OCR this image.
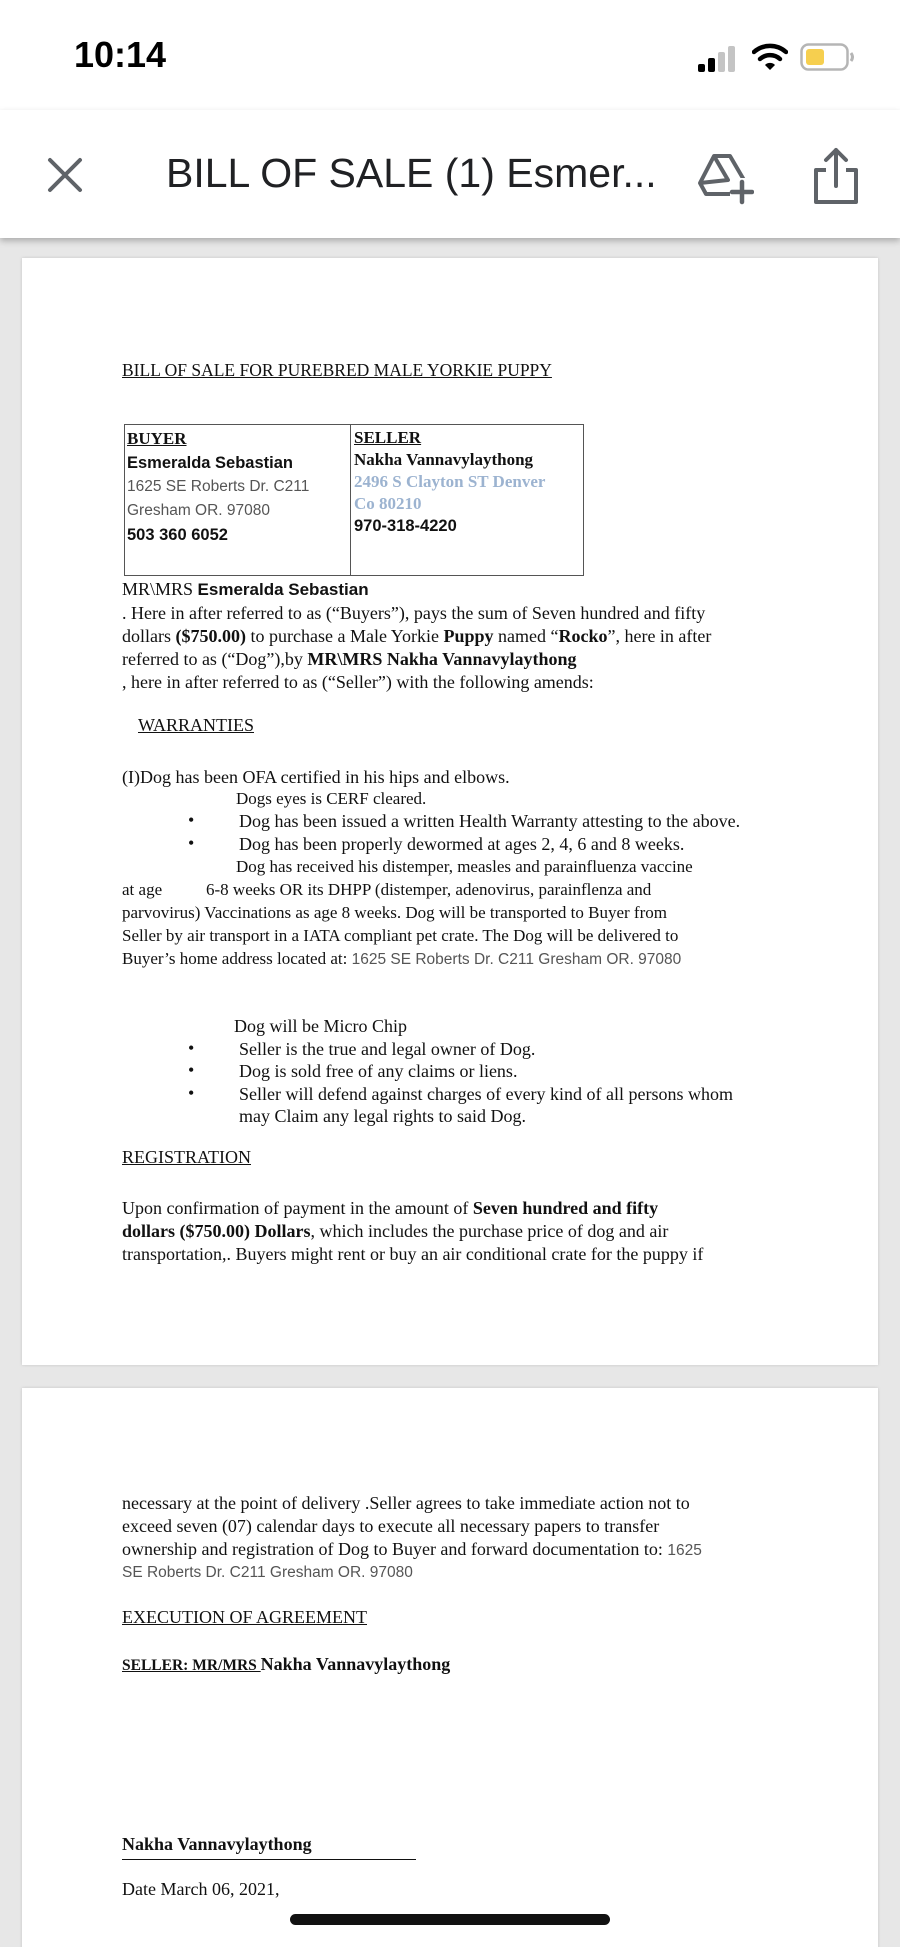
10:14
BILL OF SALE (1) Esmer...
BILL OF SALE FOR PUREBRED MALE YORKIE PUPPY
BUYER
Esmeralda Sebastian
1625 SE Roberts Dr. C211
Gresham OR. 97080
503 360 6052
SELLER
Nakha Vannavylaythong
2496 S Clayton ST Denver
Co 80210
970-318-4220
MR\MRS Esmeralda Sebastian
. Here in after referred to as (“Buyers”), pays the sum of Seven hundred and fifty
dollars ($750.00) to purchase a Male Yorkie Puppy named “Rocko”, here in after
referred to as (“Dog”),by MR\MRS Nakha Vannavylaythong
, here in after referred to as (“Seller”) with the following amends:
WARRANTIES
(I)Dog has been OFA certified in his hips and elbows.
Dogs eyes is CERF cleared.
• Dog has been issued a written Health Warranty attesting to the above.
• Dog has been properly dewormed at ages 2, 4, 6 and 8 weeks.
Dog has received his distemper, measles and parainfluenza vaccine
at age	6-8 weeks OR its DHPP (distemper, adenovirus, parainflenza and
parvovirus) Vaccinations as age 8 weeks. Dog will be transported to Buyer from
Seller by air transport in a IATA compliant pet crate. The Dog will be delivered to
Buyer’s home address located at: 1625 SE Roberts Dr. C211 Gresham OR. 97080
Dog will be Micro Chip
• Seller is the true and legal owner of Dog.
• Dog is sold free of any claims or liens.
• Seller will defend against charges of every kind of all persons whom
may Claim any legal rights to said Dog.
REGISTRATION
Upon confirmation of payment in the amount of Seven hundred and fifty
dollars ($750.00) Dollars, which includes the purchase price of dog and air
transportation,. Buyers might rent or buy an air conditional crate for the puppy if
necessary at the point of delivery .Seller agrees to take immediate action not to
exceed seven (07) calendar days to execute all necessary papers to transfer
ownership and registration of Dog to Buyer and forward documentation to: 1625
SE Roberts Dr. C211 Gresham OR. 97080
EXECUTION OF AGREEMENT
SELLER: MR/MRS Nakha Vannavylaythong
Nakha Vannavylaythong
Date March 06, 2021,
